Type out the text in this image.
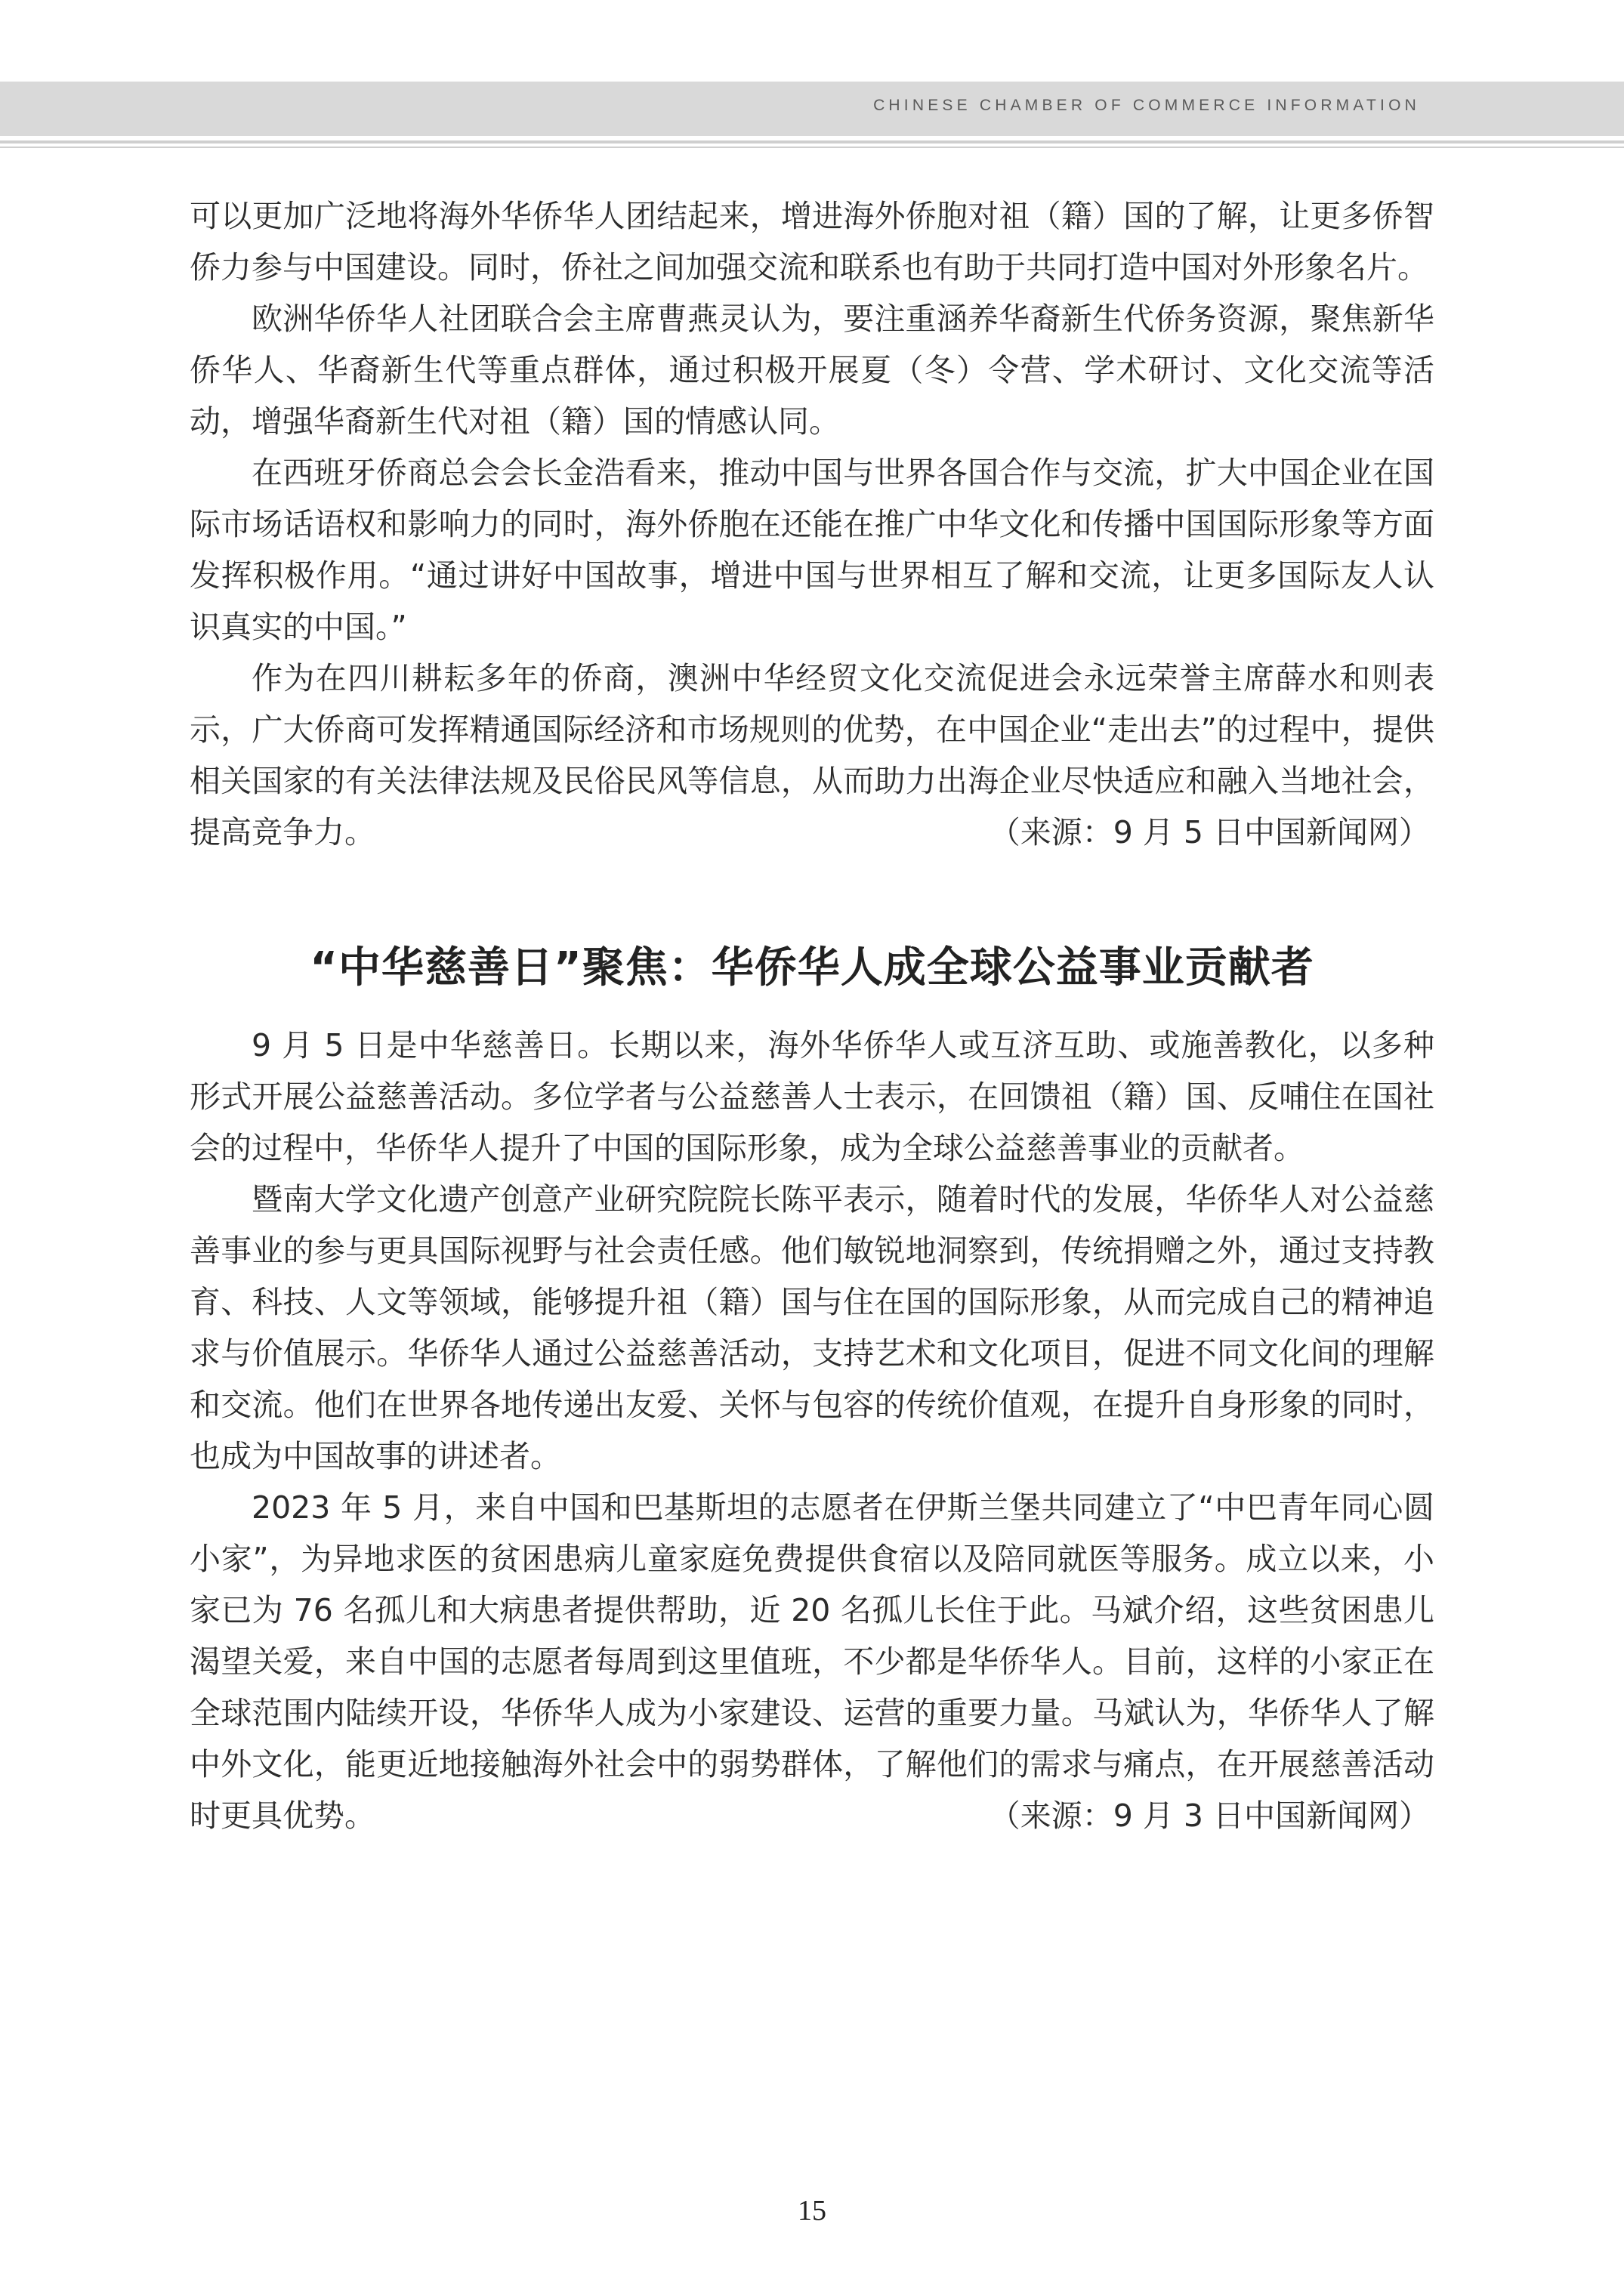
CHINESE CHAMBER OF COMMERCE INFORMATION

可以更加广泛地将海外华侨华人团结起来，增进海外侨胞对祖（籍）国的了解，让更多侨智侨力参与中国建设。同时，侨社之间加强交流和联系也有助于共同打造中国对外形象名片。

欧洲华侨华人社团联合会主席曹燕灵认为，要注重涵养华裔新生代侨务资源，聚焦新华侨华人、华裔新生代等重点群体，通过积极开展夏（冬）令营、学术研讨、文化交流等活动，增强华裔新生代对祖（籍）国的情感认同。

在西班牙侨商总会会长金浩看来，推动中国与世界各国合作与交流，扩大中国企业在国际市场话语权和影响力的同时，海外侨胞在还能在推广中华文化和传播中国国际形象等方面发挥积极作用。“通过讲好中国故事，增进中国与世界相互了解和交流，让更多国际友人认识真实的中国。”

作为在四川耕耘多年的侨商，澳洲中华经贸文化交流促进会永远荣誉主席薛水和则表示，广大侨商可发挥精通国际经济和市场规则的优势，在中国企业“走出去”的过程中，提供相关国家的有关法律法规及民俗民风等信息，从而助力出海企业尽快适应和融入当地社会，提高竞争力。	（来源：9 月 5 日中国新闻网）
“中华慈善日”聚焦：华侨华人成全球公益事业贡献者

9 月 5 日是中华慈善日。长期以来，海外华侨华人或互济互助、或施善教化，以多种形式开展公益慈善活动。多位学者与公益慈善人士表示，在回馈祖（籍）国、反哺住在国社会的过程中，华侨华人提升了中国的国际形象，成为全球公益慈善事业的贡献者。

暨南大学文化遗产创意产业研究院院长陈平表示，随着时代的发展，华侨华人对公益慈善事业的参与更具国际视野与社会责任感。他们敏锐地洞察到，传统捐赠之外，通过支持教育、科技、人文等领域，能够提升祖（籍）国与住在国的国际形象，从而完成自己的精神追求与价值展示。华侨华人通过公益慈善活动，支持艺术和文化项目，促进不同文化间的理解和交流。他们在世界各地传递出友爱、关怀与包容的传统价值观，在提升自身形象的同时，也成为中国故事的讲述者。

2023 年 5 月，来自中国和巴基斯坦的志愿者在伊斯兰堡共同建立了“中巴青年同心圆小家”，为异地求医的贫困患病儿童家庭免费提供食宿以及陪同就医等服务。成立以来，小家已为 76 名孤儿和大病患者提供帮助，近 20 名孤儿长住于此。马斌介绍，这些贫困患儿渴望关爱，来自中国的志愿者每周到这里值班，不少都是华侨华人。目前，这样的小家正在全球范围内陆续开设，华侨华人成为小家建设、运营的重要力量。马斌认为，华侨华人了解中外文化，能更近地接触海外社会中的弱势群体，了解他们的需求与痛点，在开展慈善活动时更具优势。	（来源：9 月 3 日中国新闻网）
15
